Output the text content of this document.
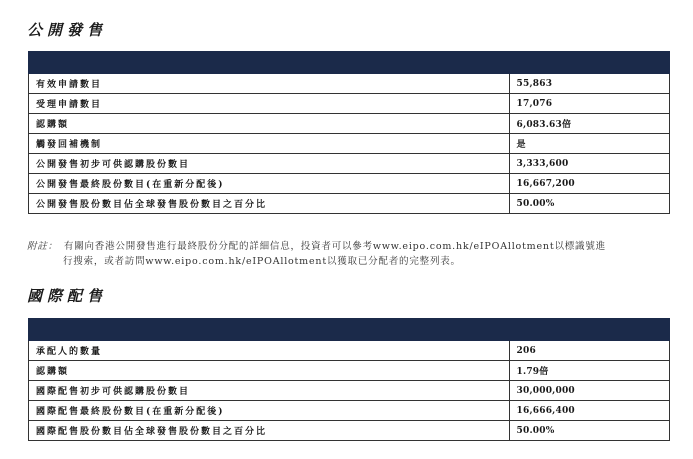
公開發售

有效申請數目	55,863
受理申請數目	17,076
認購額	6,083.63倍
觸發回補機制	是
公開發售初步可供認購股份數目	3,333,600
公開發售最終股份數目(在重新分配後)	16,667,200
公開發售股份數目佔全球發售股份數目之百分比	50.00%
附註： 有關向香港公開發售進行最終股份分配的詳細信息，投資者可以參考www.eipo.com.hk/eIPOAllotment以標識號進
行搜索，或者訪問www.eipo.com.hk/eIPOAllotment以獲取已分配者的完整列表。
國際配售

承配人的數量	206
認購額	1.79倍
國際配售初步可供認購股份數目	30,000,000
國際配售最終股份數目(在重新分配後)	16,666,400
國際配售股份數目佔全球發售股份數目之百分比	50.00%
